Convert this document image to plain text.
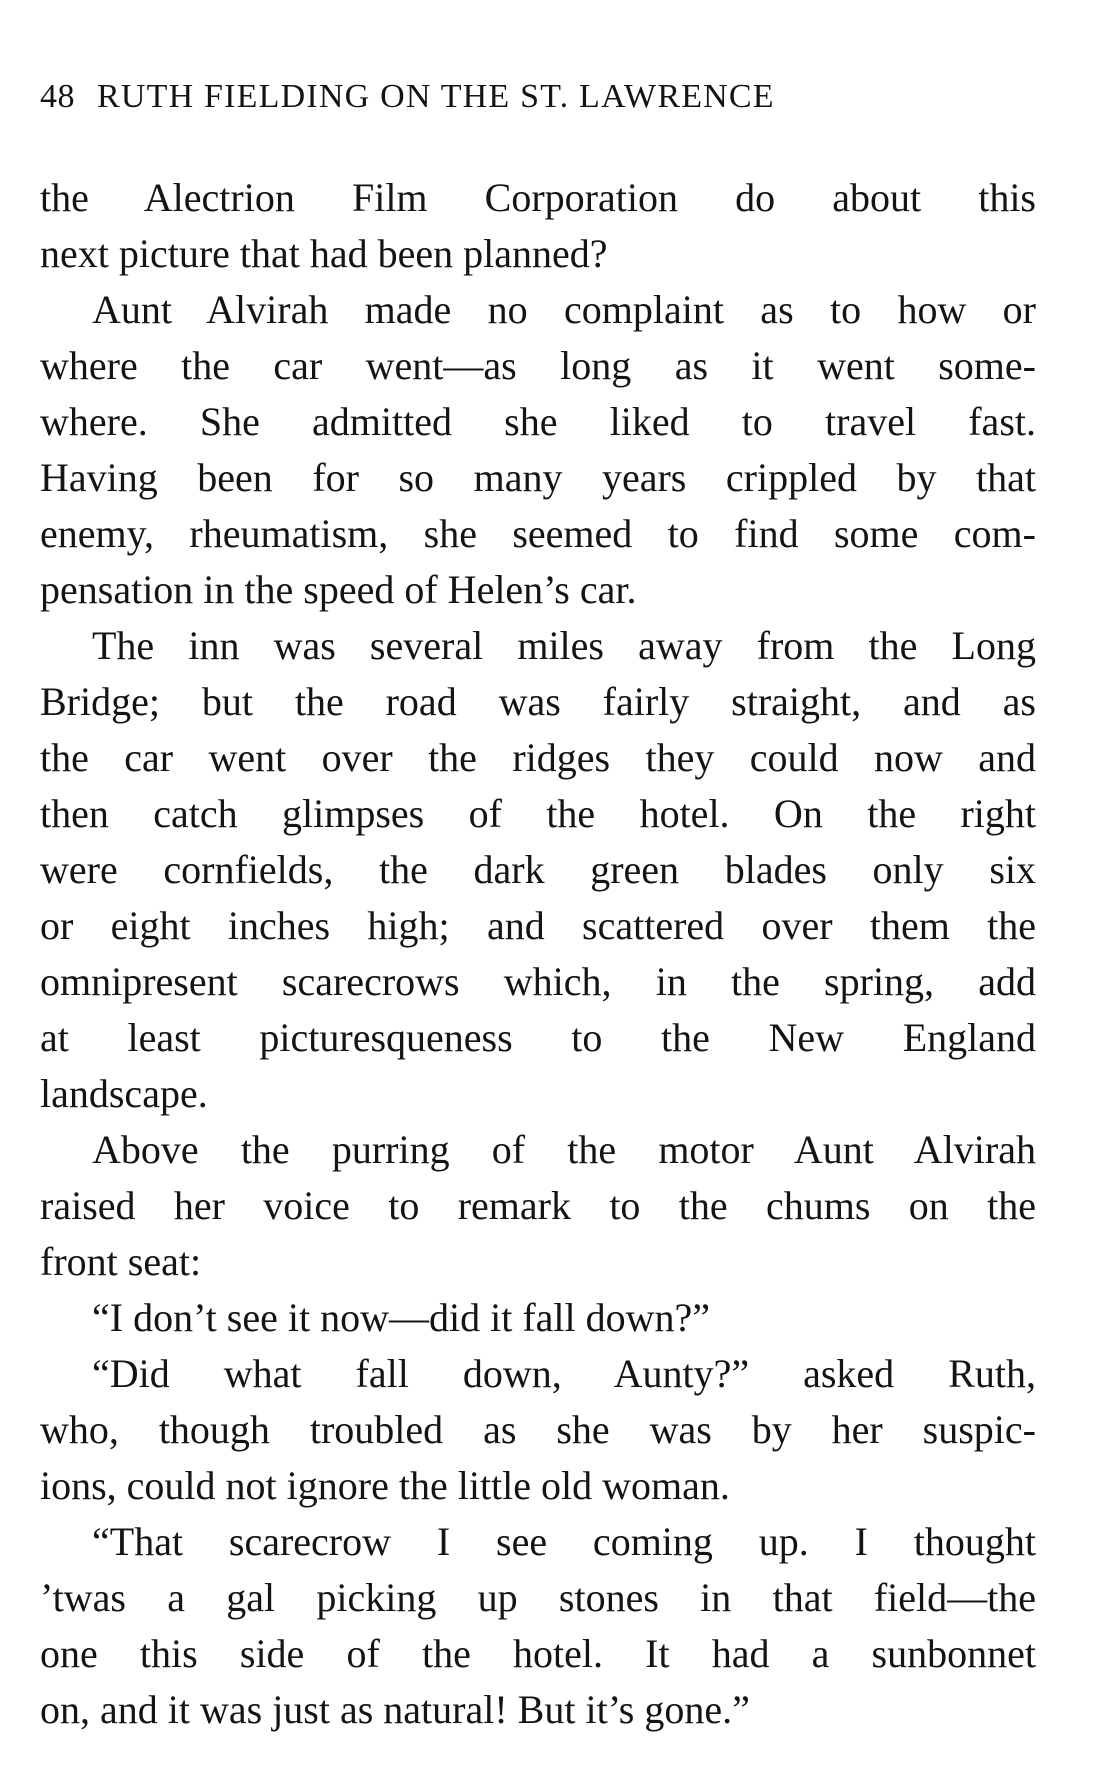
48 RUTH FIELDING ON THE ST. LAWRENCE
the Alectrion Film Corporation do about this
next picture that had been planned?
Aunt Alvirah made no complaint as to how or
where the car went—as long as it went some-
where. She admitted she liked to travel fast.
Having been for so many years crippled by that
enemy, rheumatism, she seemed to find some com-
pensation in the speed of Helen’s car.
The inn was several miles away from the Long
Bridge; but the road was fairly straight, and as
the car went over the ridges they could now and
then catch glimpses of the hotel. On the right
were cornfields, the dark green blades only six
or eight inches high; and scattered over them the
omnipresent scarecrows which, in the spring, add
at least picturesqueness to the New England
landscape.
Above the purring of the motor Aunt Alvirah
raised her voice to remark to the chums on the
front seat:
“I don’t see it now—did it fall down?”
“Did what fall down, Aunty?” asked Ruth,
who, though troubled as she was by her suspic-
ions, could not ignore the little old woman.
“That scarecrow I see coming up. I thought
’twas a gal picking up stones in that field—the
one this side of the hotel. It had a sunbonnet
on, and it was just as natural! But it’s gone.”
